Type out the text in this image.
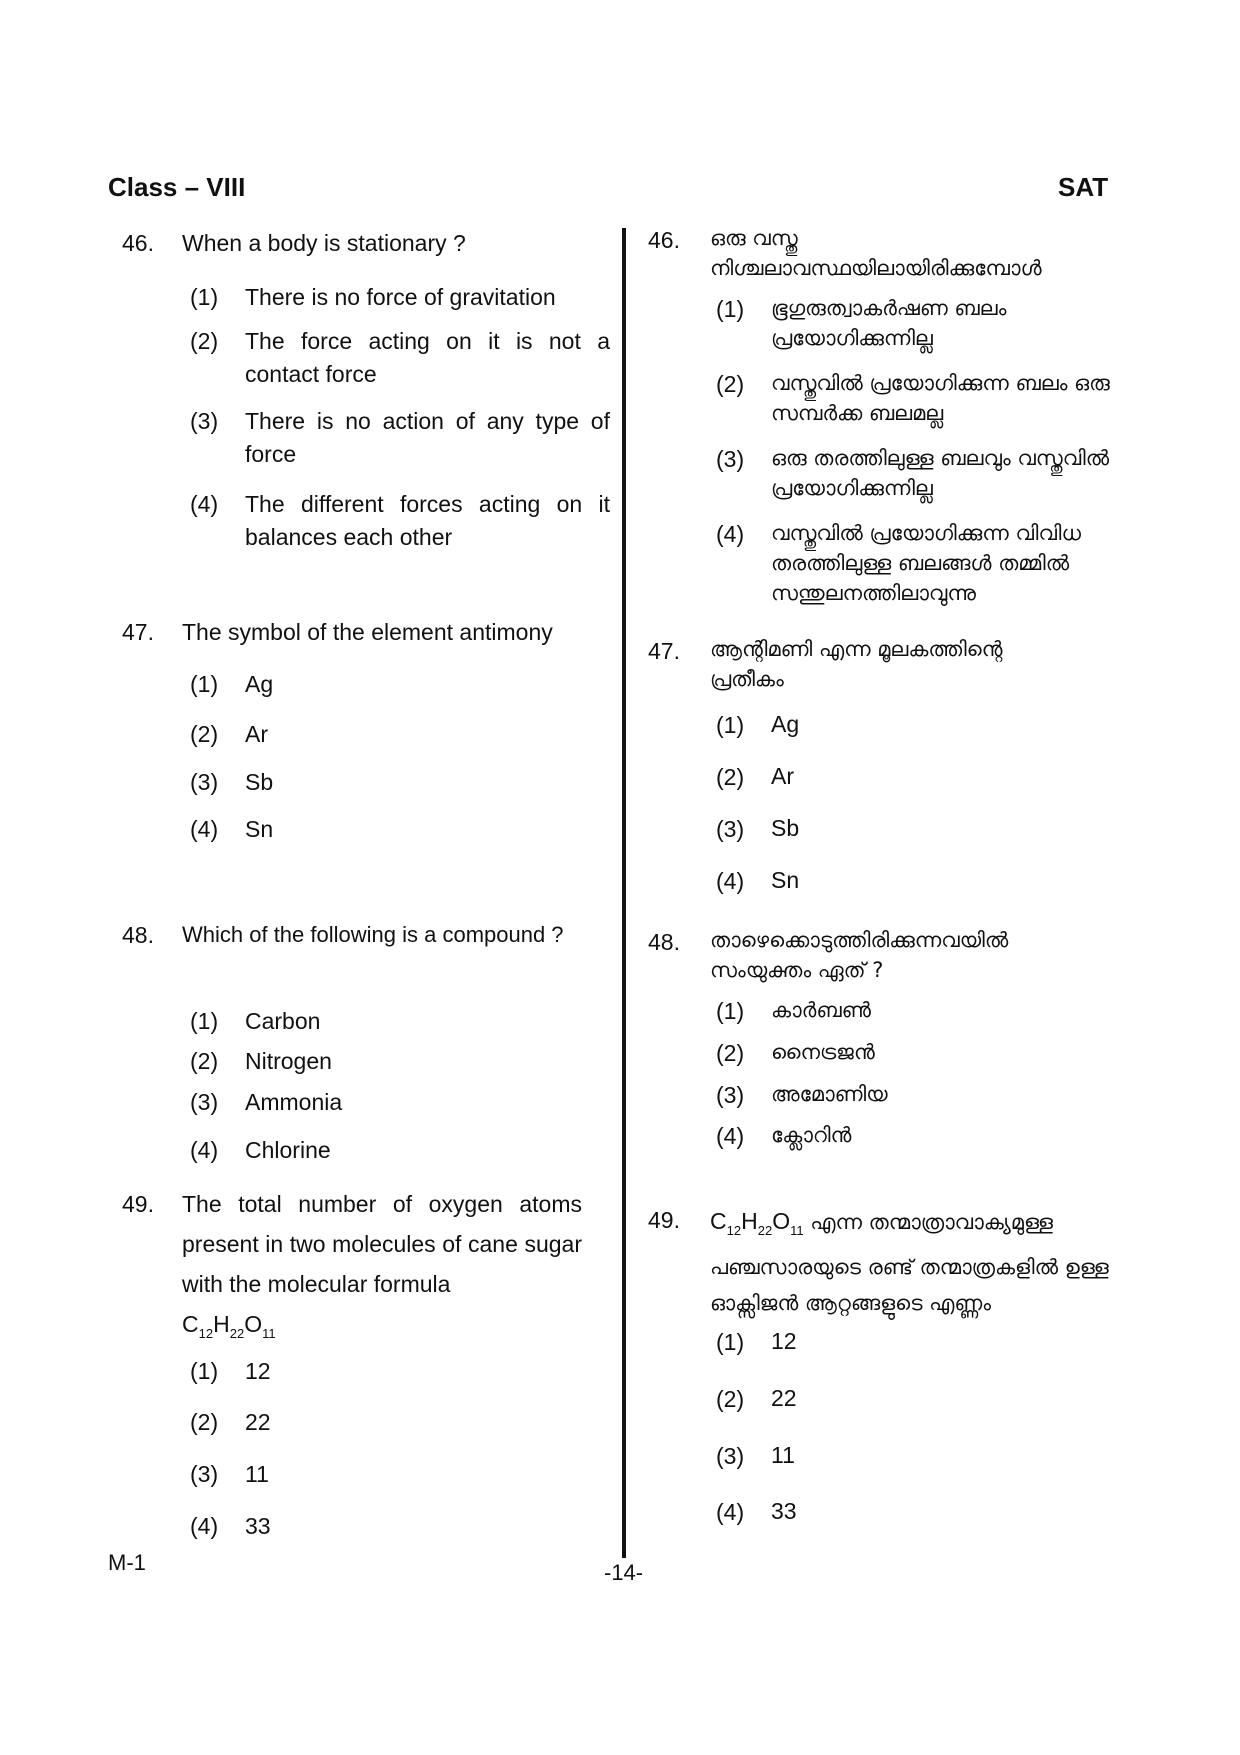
Class – VIII	SAT
46. When a body is stationary ?
(1) There is no force of gravitation
(2) The force acting on it is not a contact force
(3) There is no action of any type of force
(4) The different forces acting on it balances each other
47. The symbol of the element antimony
(1) Ag
(2) Ar
(3) Sb
(4) Sn
48. Which of the following is a compound ?
(1) Carbon
(2) Nitrogen
(3) Ammonia
(4) Chlorine
49. The total number of oxygen atoms present in two molecules of cane sugar with the molecular formula
$C_{12}H_{22}O_{11}$
(1) 12
(2) 22
(3) 11
(4) 33
46. ഒരു വസ്തു നിശ്ചലാവസ്ഥയിലായിരിക്കുമ്പോൾ
(1) ഭൂഗുരുത്വാകർഷണ ബലം പ്രയോഗിക്കുന്നില്ല
(2) വസ്തുവിൽ പ്രയോഗിക്കുന്ന ബലം ഒരു സമ്പർക്ക ബലമല്ല
(3) ഒരു തരത്തിലുള്ള ബലവും വസ്തുവിൽ പ്രയോഗിക്കുന്നില്ല
(4) വസ്തുവിൽ പ്രയോഗിക്കുന്ന വിവിധ തരത്തിലുള്ള ബലങ്ങൾ തമ്മിൽ സന്തുലനത്തിലാവുന്നു
47. ആന്റിമണി എന്ന മൂലകത്തിന്റെ പ്രതീകം
(1) Ag
(2) Ar
(3) Sb
(4) Sn
48. താഴെക്കൊടുത്തിരിക്കുന്നവയിൽ സംയുക്തം ഏത് ?
(1) കാർബൺ
(2) നൈട്രജൻ
(3) അമോണിയ
(4) ക്ലോറിൻ
49. $C_{12}H_{22}O_{11}$ എന്ന തന്മാത്രാവാക്യമുള്ള പഞ്ചസാരയുടെ രണ്ട് തന്മാത്രകളിൽ ഉള്ള ഓക്സിജൻ ആറ്റങ്ങളുടെ എണ്ണം
(1) 12
(2) 22
(3) 11
(4) 33
M-1	-14-
